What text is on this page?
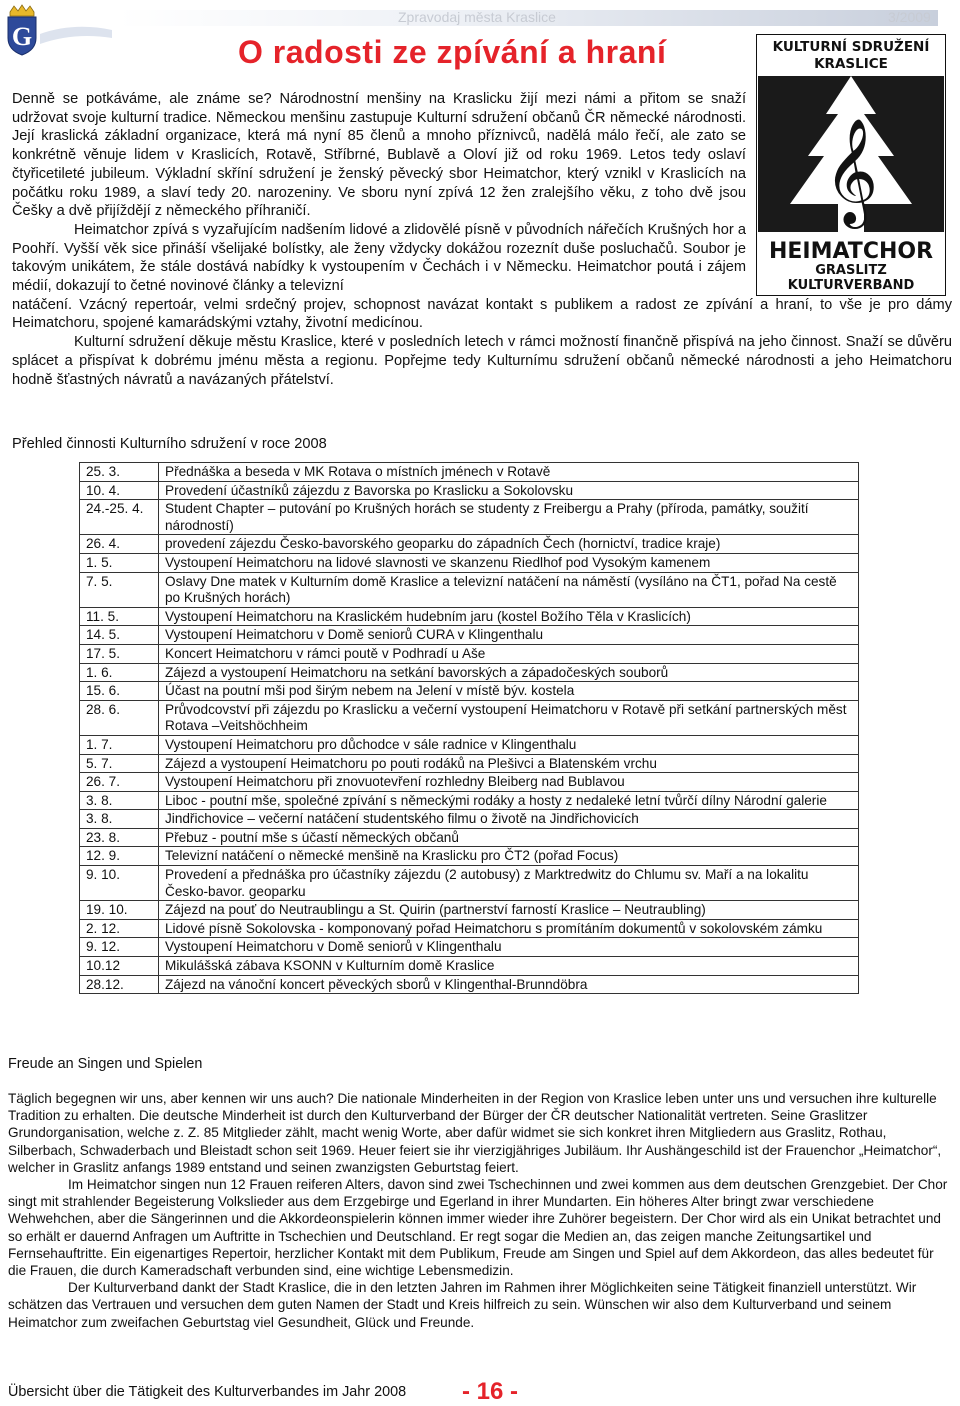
G
Zpravodaj města Kraslice	3/2009
O radosti ze zpívání a hraní	KULTURNÍ SDRUŽENÍ
KRASLICE
𝄞
HEIMATCHOR
GRASLITZ
KULTURVERBAND

Denně se potkáváme, ale známe se? Národnostní menšiny na Kraslicku žijí mezi námi a přitom se snaží udržovat svoje kulturní tradice. Německou menšinu zastupuje Kulturní sdružení občanů ČR německé národnosti. Její kraslická základní organizace, která má nyní 85 členů a mnoho příznivců, nadělá málo řečí, ale zato se konkrétně věnuje lidem v Kraslicích, Rotavě, Stříbrné, Bublavě a Oloví již od roku 1969. Letos tedy oslaví čtyřicetileté jubileum. Výkladní skříní sdružení je ženský pěvecký sbor Heimatchor, který vznikl v Kraslicích na počátku roku 1989, a slaví tedy 20. narozeniny. Ve sboru nyní zpívá 12 žen zralejšího věku, z toho dvě jsou Češky a dvě přijíždějí z německého příhraničí.

Heimatchor zpívá s vyzařujícím nadšením lidové a zlidovělé písně v původních nářečích Krušných hor a Poohří. Vyšší věk sice přináší všelijaké bolístky, ale ženy vždycky dokážou rozeznít duše posluchačů. Soubor je takovým unikátem, že stále dostává nabídky k vystoupením v Čechách i v Německu. Heimatchor poutá i zájem médií, dokazují to četné novinové články a televizní

natáčení. Vzácný repertoár, velmi srdečný projev, schopnost navázat kontakt s publikem a radost ze zpívání a hraní, to vše je pro dámy Heimatchoru, spojené kamarádskými vztahy, životní medicínou.

Kulturní sdružení děkuje městu Kraslice, které v posledních letech v rámci možností finančně přispívá na jeho činnost. Snaží se důvěru splácet a přispívat k dobrému jménu města a regionu. Popřejme tedy Kulturnímu sdružení občanů německé národnosti a jeho Heimatchoru hodně šťastných návratů a navázaných přátelství.

Přehled činnosti Kulturního sdružení v roce 2008
25. 3.	Přednáška a beseda v MK Rotava o místních jménech v Rotavě
10. 4.	Provedení účastníků zájezdu z Bavorska po Kraslicku a Sokolovsku
24.-25. 4.	Student Chapter – putování po Krušných horách se studenty z Freibergu a Prahy (příroda, památky, soužití národností)
26. 4.	provedení zájezdu Česko-bavorského geoparku do západních Čech (hornictví, tradice kraje)
1. 5.	Vystoupení Heimatchoru na lidové slavnosti ve skanzenu Riedlhof pod Vysokým kamenem
7. 5.	Oslavy Dne matek v Kulturním domě Kraslice a televizní natáčení na náměstí (vysíláno na ČT1, pořad Na cestě po Krušných horách)
11. 5.	Vystoupení Heimatchoru na Kraslickém hudebním jaru (kostel Božího Těla v Kraslicích)
14. 5.	Vystoupení Heimatchoru v Domě seniorů CURA v Klingenthalu
17. 5.	Koncert Heimatchoru v rámci poutě v Podhradí u Aše
1. 6.	Zájezd a vystoupení Heimatchoru na setkání bavorských a západočeských souborů
15. 6.	Účast na poutní mši pod širým nebem na Jelení v místě býv. kostela
28. 6.	Průvodcovství při zájezdu po Kraslicku a večerní vystoupení Heimatchoru v Rotavě při setkání partnerských měst Rotava –Veitshöchheim
1. 7.	Vystoupení Heimatchoru pro důchodce v sále radnice v Klingenthalu
5. 7.	Zájezd a vystoupení Heimatchoru po pouti rodáků na Plešivci a Blatenském vrchu
26. 7.	Vystoupení Heimatchoru při znovuotevření rozhledny Bleiberg nad Bublavou
3. 8.	Liboc - poutní mše, společné zpívání s německými rodáky a hosty z nedaleké letní tvůrčí dílny Národní galerie
3. 8.	Jindřichovice – večerní natáčení studentského filmu o životě na Jindřichovicích
23. 8.	Přebuz - poutní mše s účastí německých občanů
12. 9.	Televizní natáčení o německé menšině na Kraslicku pro ČT2 (pořad Focus)
9. 10.	Provedení a přednáška pro účastníky zájezdu (2 autobusy) z Marktredwitz do Chlumu sv. Maří a na lokalitu Česko-bavor. geoparku
19. 10.	Zájezd na pouť do Neutraublingu a St. Quirin (partnerství farností Kraslice – Neutraubling)
2. 12.	Lidové písně Sokolovska - komponovaný pořad Heimatchoru s promítáním dokumentů v sokolovském zámku
9. 12.	Vystoupení Heimatchoru v Domě seniorů v Klingenthalu
10.12	Mikulášská zábava KSONN v Kulturním domě Kraslice
28.12.	Zájezd na vánoční koncert pěveckých sborů v Klingenthal-Brunndöbra
Freude an Singen und Spielen

Täglich begegnen wir uns, aber kennen wir uns auch? Die nationale Minderheiten in der Region von Kraslice leben unter uns und versuchen ihre kulturelle Tradition zu erhalten. Die deutsche Minderheit ist durch den Kulturverband der Bürger der ČR deutscher Nationalität vertreten. Seine Graslitzer Grundorganisation, welche z. Z. 85 Mitglieder zählt, macht wenig Worte, aber dafür widmet sie sich konkret ihren Mitgliedern aus Graslitz, Rothau, Silberbach, Schwaderbach und Bleistadt schon seit 1969. Heuer feiert sie ihr vierzigjähriges Jubiläum. Ihr Aushängeschild ist der Frauenchor „Heimatchor“, welcher in Graslitz anfangs 1989 entstand und seinen zwanzigsten Geburtstag feiert.

Im Heimatchor singen nun 12 Frauen reiferen Alters, davon sind zwei Tschechinnen und zwei kommen aus dem deutschen Grenzgebiet. Der Chor singt mit strahlender Begeisterung Volkslieder aus dem Erzgebirge und Egerland in ihrer Mundarten. Ein höheres Alter bringt zwar verschiedene Wehwehchen, aber die Sängerinnen und die Akkordeonspielerin können immer wieder ihre Zuhörer begeistern. Der Chor wird als ein Unikat betrachtet und so erhält er dauernd Anfragen um Auftritte in Tschechien und Deutschland. Er regt sogar die Medien an, das zeigen manche Zeitungsartikel und Fernsehauftritte. Ein eigenartiges Repertoir, herzlicher Kontakt mit dem Publikum, Freude am Singen und Spiel auf dem Akkordeon, das alles bedeutet für die Frauen, die durch Kameradschaft verbunden sind, eine wichtige Lebensmedizin.

Der Kulturverband dankt der Stadt Kraslice, die in den letzten Jahren im Rahmen ihrer Möglichkeiten seine Tätigkeit finanziell unterstützt. Wir schätzen das Vertrauen und versuchen dem guten Namen der Stadt und Kreis hilfreich zu sein. Wünschen wir also dem Kulturverband und seinem Heimatchor zum zweifachen Geburtstag viel Gesundheit, Glück und Freunde.

Übersicht über die Tätigkeit des Kulturverbandes im Jahr 2008 - 16 -
